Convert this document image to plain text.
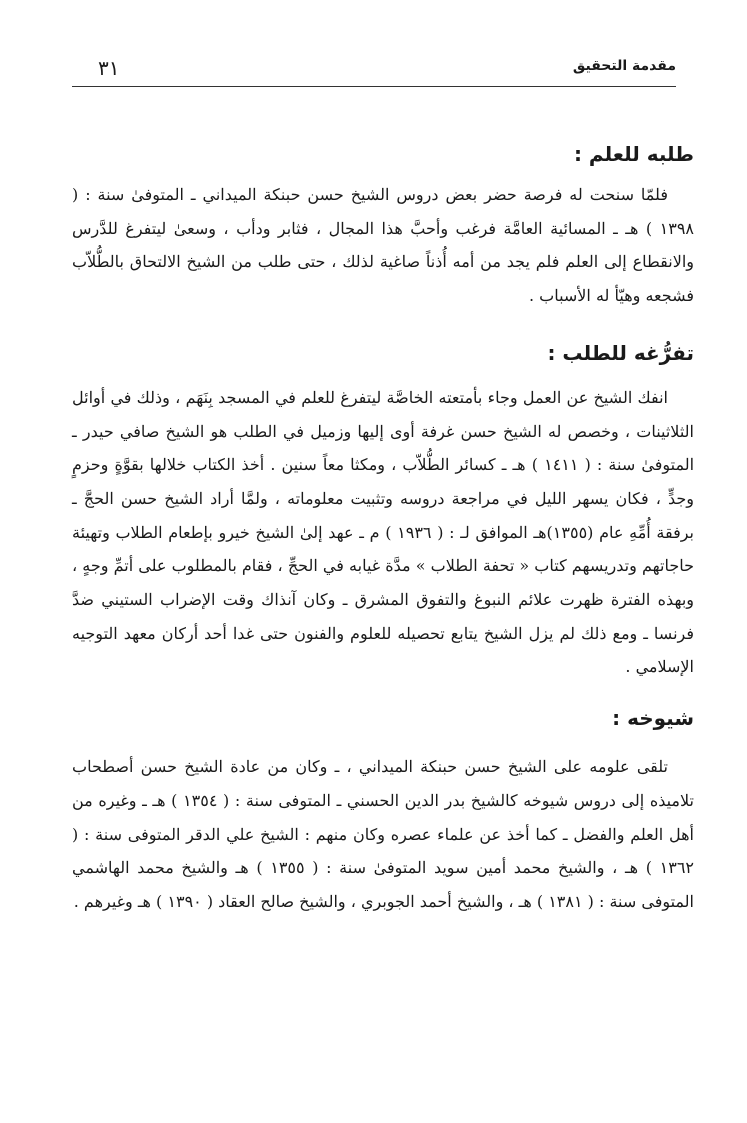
مقدمة التحقيق
٣١
طلبه للعلم :

فلمّا سنحت له فرصة حضر بعض دروس الشيخ حسن حبنكة الميداني ـ المتوفىٰ سنة : ( ١٣٩٨ ) هـ ـ المسائية العامَّة فرغب وأحبَّ هذا المجال ، فثابر ودأب ، وسعىٰ ليتفرغ للدَّرس والانقطاع إلى العلم فلم يجد من أمه أُذناً صاغية لذلك ، حتى طلب من الشيخ الالتحاق بالطُّلاّب فشجعه وهيّأ له الأسباب .

تفرُّغه للطلب :

انفك الشيخ عن العمل وجاء بأمتعته الخاصَّة ليتفرغ للعلم في المسجد بِنَهَم ، وذلك في أوائل الثلاثينات ، وخصص له الشيخ حسن غرفة أوى إليها وزميل في الطلب هو الشيخ صافي حيدر ـ المتوفىٰ سنة : ( ١٤١١ ) هـ ـ كسائر الطُّلاّب ، ومكثا معاً سنين . أخذ الكتاب خلالها بقوَّةٍ وحزمٍ وجدٍّ ، فكان يسهر الليل في مراجعة دروسه وتثبيت معلوماته ، ولمَّا أراد الشيخ حسن الحجَّ ـ برفقة أُمِّهِ عام (١٣٥٥)هـ الموافق لـ : ( ١٩٣٦ ) م ـ عهد إلىٰ الشيخ خيرو بإطعام الطلاب وتهيئة حاجاتهم وتدريسهم كتاب « تحفة الطلاب » مدَّة غيابه في الحجِّ ، فقام بالمطلوب على أتمِّ وجهٍ ، وبهذه الفترة ظهرت علائم النبوغ والتفوق المشرق ـ وكان آنذاك وقت الإضراب الستيني ضدَّ فرنسا ـ ومع ذلك لم يزل الشيخ يتابع تحصيله للعلوم والفنون حتى غدا أحد أركان معهد التوجيه الإسلامي .

شيوخه :

تلقى علومه على الشيخ حسن حبنكة الميداني ، ـ وكان من عادة الشيخ حسن أصطحاب تلاميذه إلى دروس شيوخه كالشيخ بدر الدين الحسني ـ المتوفى سنة : ( ١٣٥٤ ) هـ ـ وغيره من أهل العلم والفضل ـ كما أخذ عن علماء عصره وكان منهم : الشيخ علي الدقر المتوفى سنة : ( ١٣٦٢ ) هـ ، والشيخ محمد أمين سويد المتوفىٰ سنة : ( ١٣٥٥ ) هـ والشيخ محمد الهاشمي المتوفى سنة : ( ١٣٨١ ) هـ ، والشيخ أحمد الجوبري ، والشيخ صالح العقاد ( ١٣٩٠ ) هـ وغيرهم .
